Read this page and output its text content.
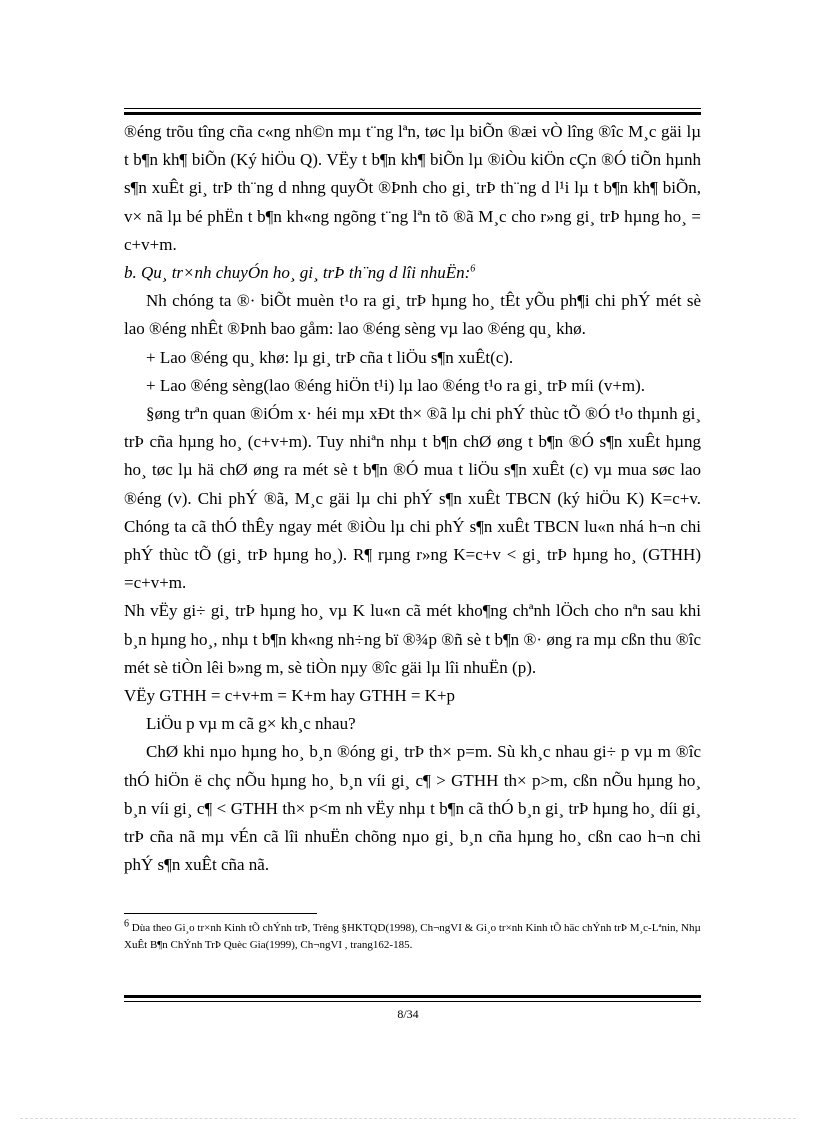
®éng trõu tîng cña c«ng nh©n mµ t¨ng lªn, tøc lµ biÕn ®æi vÒ lîng ®îc M¸c gäi lµ t b¶n kh¶ biÕn (Ký hiÖu Q). VËy t b¶n kh¶ biÕn lµ ®iÒu kiÖn cÇn ®Ó tiÕn hµnh s¶n xuÊt gi¸ trÞ th¨ng d nhng quyÕt ®Þnh cho gi¸ trÞ th¨ng d l¹i lµ t b¶n kh¶ biÕn, v× nã lµ bé phËn t b¶n kh«ng ngõng t¨ng lªn tõ ®ã M¸c cho r»ng gi¸ trÞ hµng ho¸ = c+v+m.

b. Qu¸ tr×nh chuyÓn ho¸ gi¸ trÞ th¨ng d lîi nhuËn:$^6$

Nh chóng ta ®· biÕt muèn t¹o ra gi¸ trÞ hµng ho¸ tÊt yÕu ph¶i chi phÝ mét sè lao ®éng nhÊt ®Þnh bao gåm: lao ®éng sèng vµ lao ®éng qu¸ khø.

+ Lao ®éng qu¸ khø: lµ gi¸ trÞ cña t liÖu s¶n xuÊt(c).

+ Lao ®éng sèng(lao ®éng hiÖn t¹i) lµ lao ®éng t¹o ra gi¸ trÞ míi (v+m).

§øng trªn quan ®iÓm x· héi mµ xÐt th× ®ã lµ chi phÝ thùc tÕ ®Ó t¹o thµnh gi¸ trÞ cña hµng ho¸ (c+v+m). Tuy nhiªn nhµ t b¶n chØ øng t b¶n ®Ó s¶n xuÊt hµng ho¸ tøc lµ hä chØ øng ra mét sè t b¶n ®Ó mua t liÖu s¶n xuÊt (c) vµ mua søc lao ®éng (v). Chi phÝ ®ã, M¸c gäi lµ chi phÝ s¶n xuÊt TBCN (ký hiÖu K) K=c+v. Chóng ta cã thÓ thÊy ngay mét ®iÒu lµ chi phÝ s¶n xuÊt TBCN lu«n nhá h¬n chi phÝ thùc tÕ (gi¸ trÞ hµng ho¸). R¶ rµng r»ng K=c+v < gi¸ trÞ hµng ho¸ (GTHH) =c+v+m.

Nh vËy gi÷ gi¸ trÞ hµng ho¸ vµ K lu«n cã mét kho¶ng chªnh lÖch cho nªn sau khi b¸n hµng ho¸, nhµ t b¶n kh«ng nh÷ng bï ®¾p ®ñ sè t b¶n ®· øng ra mµ cßn thu ®îc mét sè tiÒn lêi b»ng m, sè tiÒn nµy ®îc gäi lµ lîi nhuËn (p).

VËy GTHH = c+v+m = K+m hay GTHH = K+p

LiÖu p vµ m cã g× kh¸c nhau?

ChØ khi nµo hµng ho¸ b¸n ®óng gi¸ trÞ th× p=m. Sù kh¸c nhau gi÷ p vµ m ®îc thÓ hiÖn ë chç nÕu hµng ho¸ b¸n víi gi¸ c¶ > GTHH th× p>m, cßn nÕu hµng ho¸ b¸n víi gi¸ c¶ < GTHH th× p<m nh vËy nhµ t b¶n cã thÓ b¸n gi¸ trÞ hµng ho¸ díi gi¸ trÞ cña nã mµ vÉn cã lîi nhuËn chõng nµo gi¸ b¸n cña hµng ho¸ cßn cao h¬n chi phÝ s¶n xuÊt cña nã.

$^6$ Dùa theo Gi¸o tr×nh Kinh tÕ chÝnh trÞ, Trêng §HKTQD(1998), Ch¬ngVI & Gi¸o tr×nh Kinh tÕ häc chÝnh trÞ M¸c-Lªnin, Nhµ XuÊt B¶n ChÝnh TrÞ Quèc Gia(1999), Ch¬ngVI , trang162-185.
8/34
